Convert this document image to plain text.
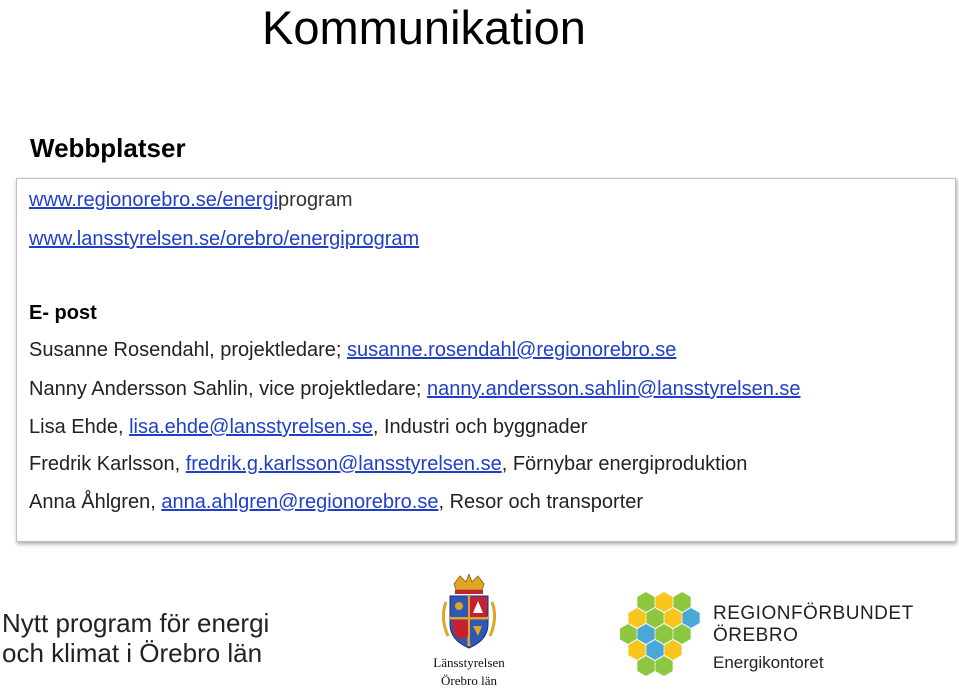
Kommunikation
Webbplatser
www.regionorebro.se/energiprogram
www.lansstyrelsen.se/orebro/energiprogram
E- post
Susanne Rosendahl, projektledare; susanne.rosendahl@regionorebro.se
Nanny Andersson Sahlin, vice projektledare; nanny.andersson.sahlin@lansstyrelsen.se
Lisa Ehde, lisa.ehde@lansstyrelsen.se, Industri och byggnader
Fredrik Karlsson, fredrik.g.karlsson@lansstyrelsen.se, Förnybar energiproduktion
Anna Åhlgren, anna.ahlgren@regionorebro.se, Resor och transporter
Nytt program för energi
och klimat i Örebro län	Länsstyrelsen
Örebro län
REGIONFÖRBUNDET
ÖREBRO
Energikontoret
